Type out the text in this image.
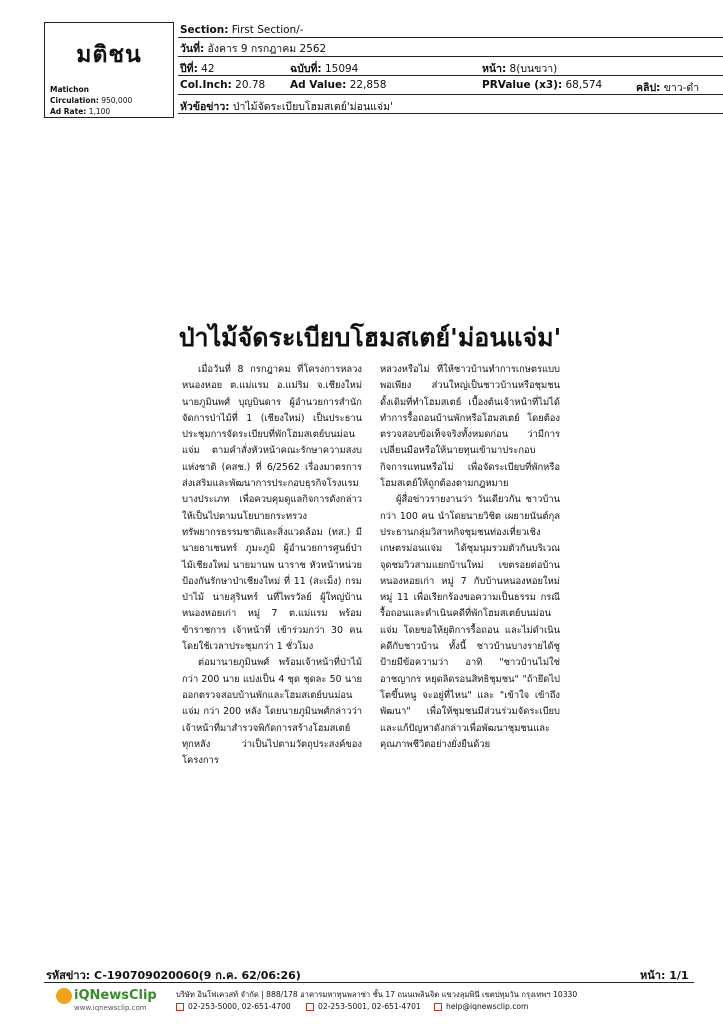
มติชน
Matichon
Circulation: 950,000
Ad Rate: 1,100
Section: First Section/-
วันที่: อังคาร 9 กรกฎาคม 2562
ปีที่: 42	ฉบับที่: 15094	หน้า: 8(บนขวา)
Col.Inch: 20.78 Ad Value: 22,858	PRValue (x3): 68,574	คลิป: ขาว-ดำ
หัวข้อข่าว: ป่าไม้จัดระเบียบโฮมสเตย์'ม่อนแจ่ม'
ป่าไม้จัดระเบียบโฮมสเตย์'ม่อนแจ่ม'

เมื่อวันที่ 8 กรกฎาคม ที่โครงการหลวงหนองหอย ต.แม่แรม อ.แม่ริม จ.เชียงใหม่ นายภูมินพศ์ บุญบินดาร ผู้อำนวยการสำนักจัดการป่าไม้ที่ 1 (เชียงใหม่) เป็นประธานประชุมการจัดระเบียบที่พักโฮมสเตย์บนม่อนแจ่ม ตามคำสั่งหัวหน้าคณะรักษาความสงบแห่งชาติ (คสช.) ที่ 6/2562 เรื่องมาตรการส่งเสริมและพัฒนาการประกอบธุรกิจโรงแรมบางประเภท เพื่อควบคุมดูแลกิจการดังกล่าว ให้เป็นไปตามนโยบายกระทรวงทรัพยากรธรรมชาติและสิ่งแวดล้อม (ทส.) มีนายธาเชนทร์ ภูมะภูมิ ผู้อำนวยการศูนย์ป่าไม้เชียงใหม่ นายมานพ นาราช หัวหน้าหน่วยป้องกันรักษาป่าเชียงใหม่ ที่ 11 (สะเม็ง) กรมป่าไม้ นายสุรินทร์ นที่ไพรวัลย์ ผู้ใหญ่บ้านหนองหอยเก่า หมู่ 7 ต.แม่แรม พร้อมข้าราชการ เจ้าหน้าที่ เข้าร่วมกว่า 30 คน โดยใช้เวลาประชุมกว่า 1 ชั่วโมง

ต่อมานายภูมินพศ์ พร้อมเจ้าหน้าที่ป่าไม้กว่า 200 นาย แบ่งเป็น 4 ชุด ชุดละ 50 นาย ออกตรวจสอบบ้านพักและโฮมสเตย์บนม่อนแจ่ม กว่า 200 หลัง โดยนายภูมินพศ์กล่าวว่าเจ้าหน้าที่มาสำรวจพิกัดการสร้างโฮมสเตย์ทุกหลัง ว่าเป็นไปตามวัตถุประสงค์ของโครงการ

หลวงหรือไม่ ที่ให้ชาวบ้านทำการเกษตรแบบพอเพียง ส่วนใหญ่เป็นชาวบ้านหรือชุมชนดั้งเดิมที่ทำโฮมสเตย์ เบื้องต้นเจ้าหน้าที่ไม่ได้ทำการรื้อถอนบ้านพักหรือโฮมสเตย์ โดยต้องตรวจสอบข้อเท็จจริงทั้งหมดก่อน ว่ามีการเปลี่ยนมือหรือให้นายทุนเข้ามาประกอบกิจการแทนหรือไม่ เพื่อจัดระเบียบที่พักหรือโฮมสเตย์ให้ถูกต้องตามกฎหมาย

ผู้สื่อข่าวรายงานว่า วันเดียวกัน ชาวบ้านกว่า 100 คน นำโดยนายวิชิต เผยายนันต์กุล ประธานกลุ่มวิสาหกิจชุมชนท่องเที่ยวเชิงเกษตรม่อนแจ่ม ได้ชุมนุมรวมตัวกันบริเวณจุดชมวิวสามแยกบ้านใหม่ เขตรอยต่อบ้านหนองหอยเก่า หมู่ 7 กับบ้านหนองหอยใหม่ หมู่ 11 เพื่อเรียกร้องขอความเป็นธรรม กรณีรื้อถอนและดำเนินคดีที่พักโฮมสเตย์บนม่อนแจ่ม โดยขอให้ยุติการรื้อถอน และไม่ดำเนินคดีกับชาวบ้าน ทั้งนี้ ชาวบ้านบางรายได้ชูป้ายมีข้อความว่า อาทิ "ชาวบ้านไม่ใช่อาชญากร หยุดลิดรอนสิทธิชุมชน" "ถ้ายึดไป โตขึ้นหนู จะอยู่ที่ไหน" และ "เข้าใจ เข้าถึง พัฒนา" เพื่อให้ชุมชนมีส่วนร่วมจัดระเบียบ และแก้ปัญหาดังกล่าวเพื่อพัฒนาชุมชนและคุณภาพชีวิตอย่างยั่งยืนด้วย

รหัสข่าว: C-190709020060(9 ก.ค. 62/06:26)	หน้า: 1/1
iQNewsClip
www.iqnewsclip.com
บริษัท อินโฟเควสท์ จำกัด | 888/178 อาคารมหาทุนพลาซ่า ชั้น 17 ถนนเพลินจิต แขวงลุมพินี เขตปทุมวัน กรุงเทพฯ 10330
02-253-5000, 02-651-4700	02-253-5001, 02-651-4701	help@iqnewsclip.com
